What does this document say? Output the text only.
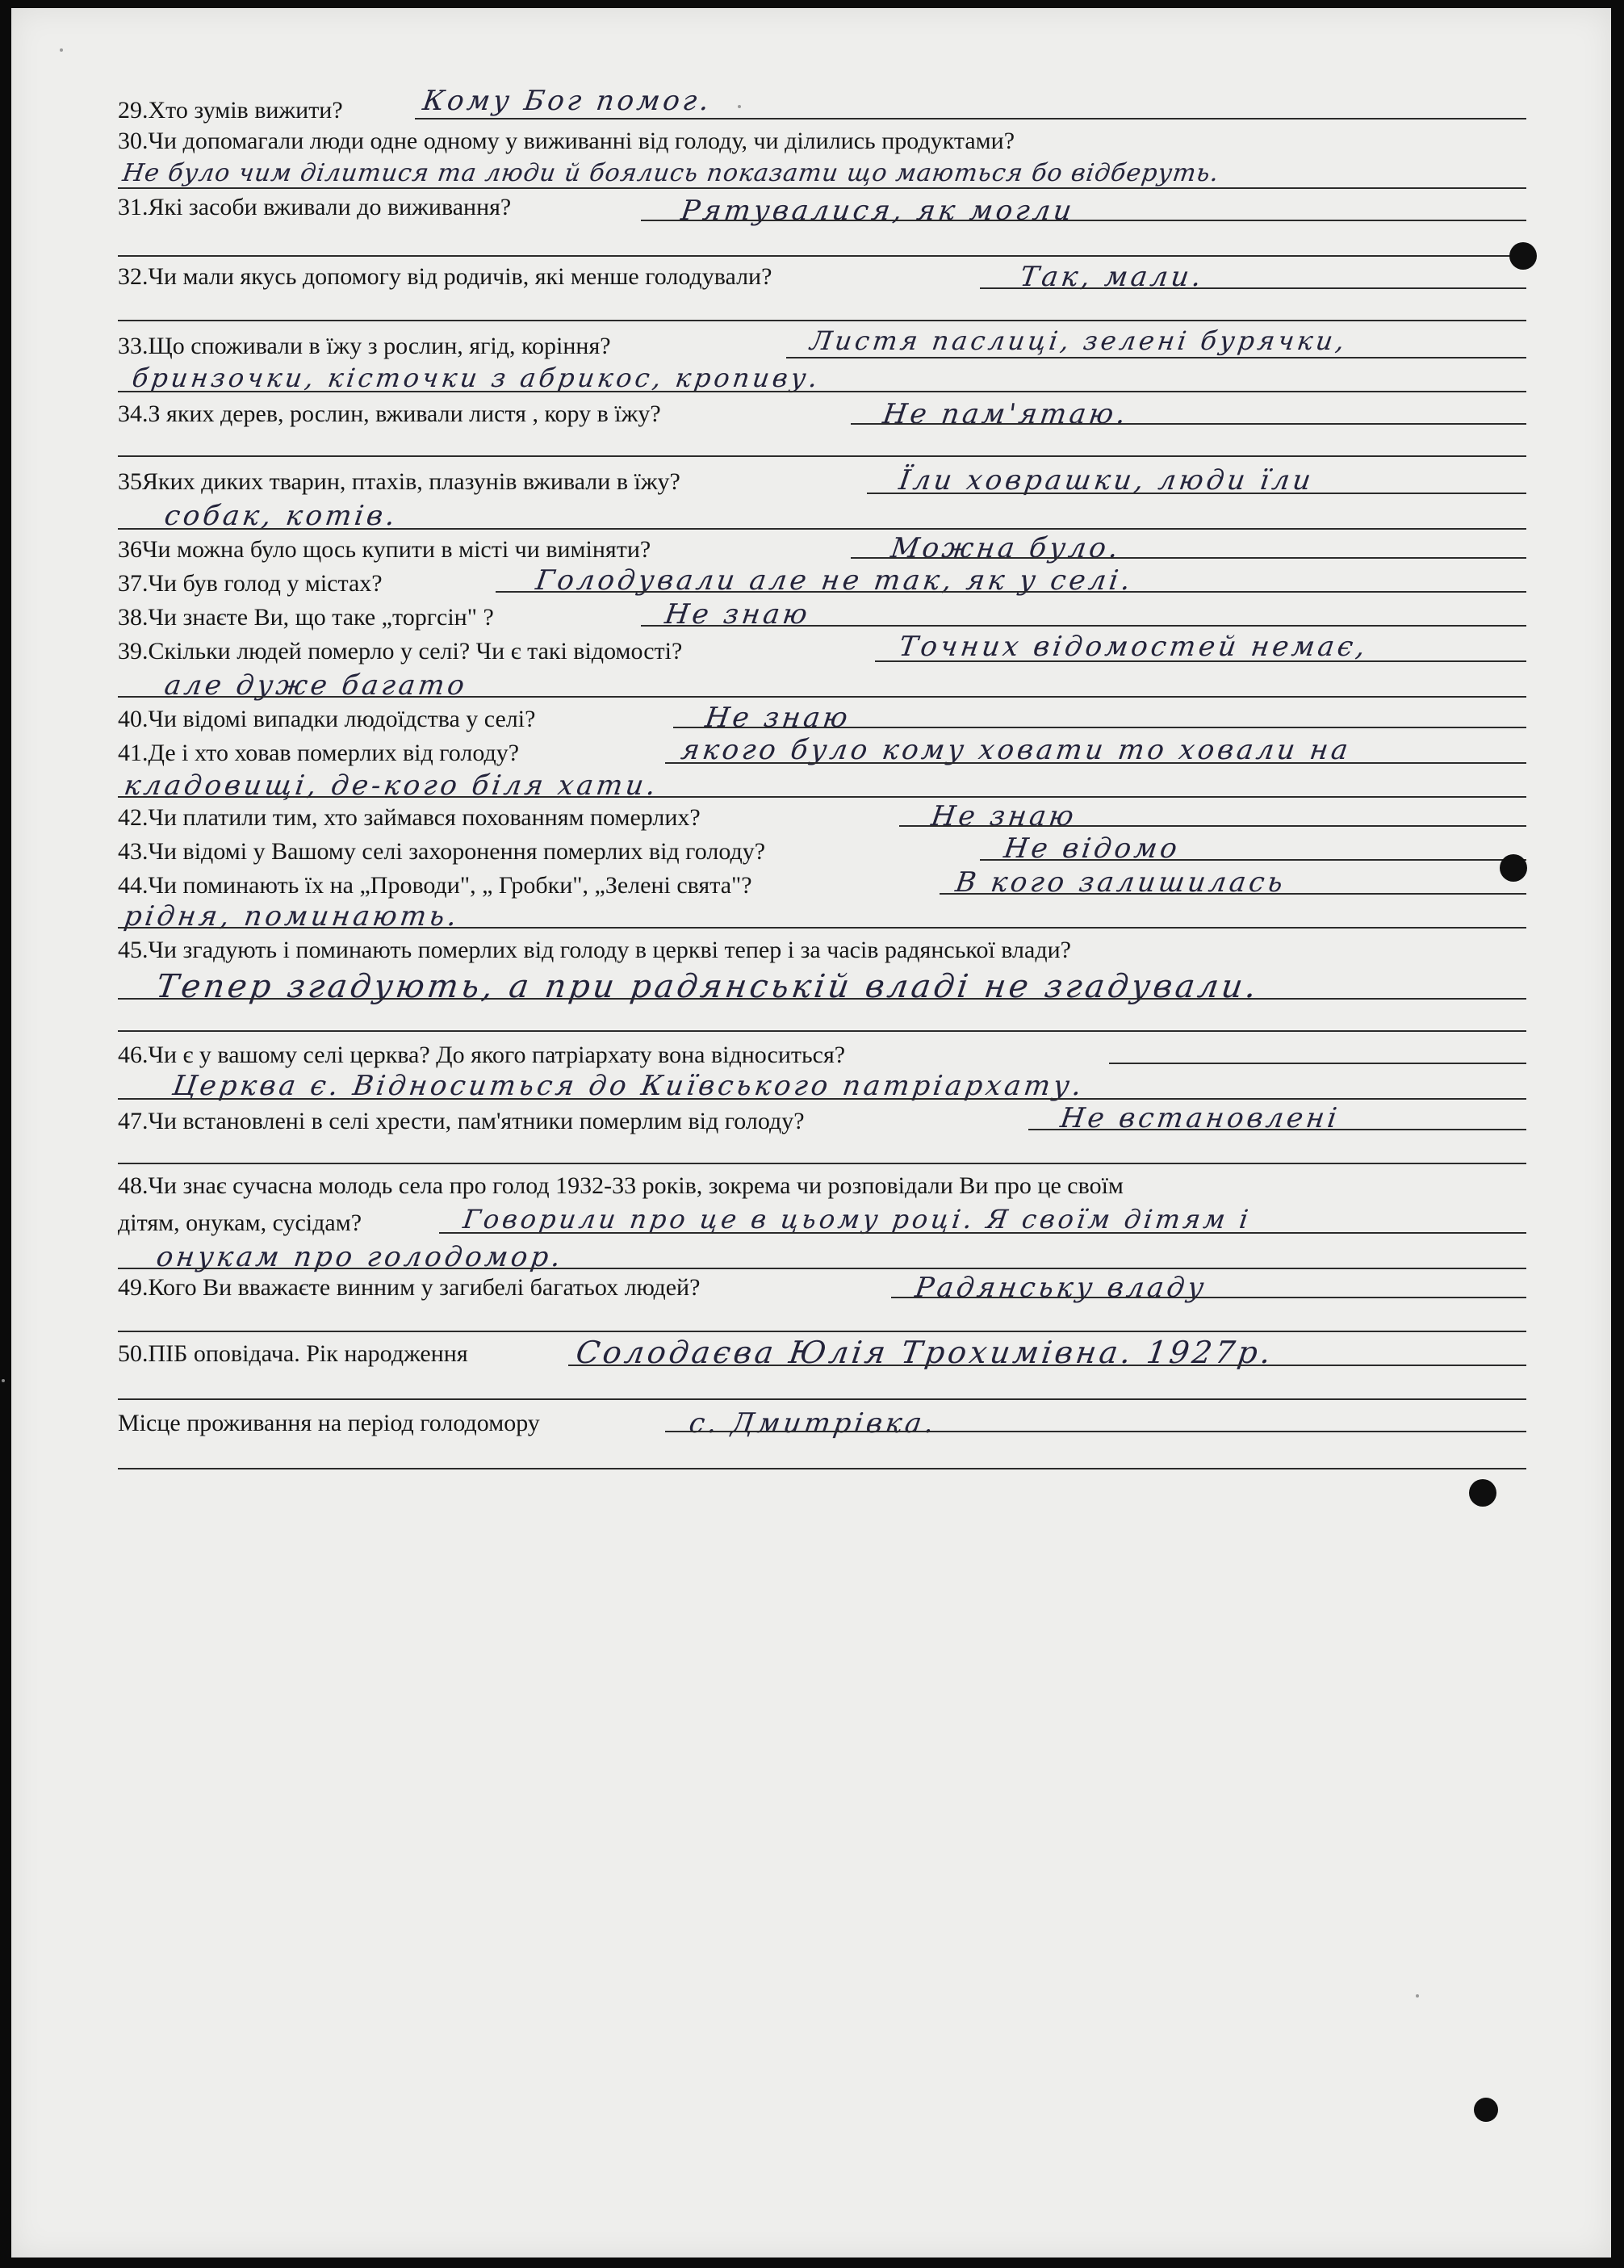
29.Хто зумів вижити?	Кому Бог помог.
30.Чи допомагали люди одне одному у виживанні від голоду, чи ділились продуктами?
Не було чим ділитися та люди й боялись показати що маються бо відберуть.
31.Які засоби вживали до виживання?	Рятувалися, як могли
32.Чи мали якусь допомогу від родичів, які менше голодували?	Так, мали.
33.Що споживали в їжу з рослин, ягід, коріння?	Листя паслиці, зелені бурячки,
бринзочки, кісточки з абрикос, кропиву.
34.З яких дерев, рослин, вживали листя , кору в їжу?	Не пам'ятаю.
35Яких диких тварин, птахів, плазунів вживали в їжу?	Їли ховрашки, люди їли
собак, котів.
36Чи можна було щось купити в місті чи виміняти?	Можна було.
37.Чи був голод у містах?	Голодували але не так, як у селі.
38.Чи знаєте Ви, що таке „торгсін" ?	Не знаю
39.Скільки людей померло у селі? Чи є такі відомості?	Точних відомостей немає,
але дуже багато
40.Чи відомі випадки людоїдства у селі?	Не знаю
41.Де і хто ховав померлих від голоду?	якого було кому ховати то ховали на
кладовищі, де-кого біля хати.
42.Чи платили тим, хто займався похованням померлих?	Не знаю
43.Чи відомі у Вашому селі захоронення померлих від голоду?	Не відомо
44.Чи поминають їх на „Проводи", „ Гробки", „Зелені свята"?	В кого залишилась
рідня, поминають.
45.Чи згадують і поминають померлих від голоду в церкві тепер і за часів радянської влади?
Тепер згадують, а при радянській владі не згадували.
46.Чи є у вашому селі церква? До якого патріархату вона відноситься?
Церква є. Відноситься до Київського патріархату.
47.Чи встановлені в селі хрести, пам'ятники померлим від голоду?	Не встановлені
48.Чи знає сучасна молодь села про голод 1932-33 років, зокрема чи розповідали Ви про це своїм
дітям, онукам, сусідам?	Говорили про це в цьому році. Я своїм дітям і
онукам про голодомор.
49.Кого Ви вважаєте винним у загибелі багатьох людей?	Радянську владу
50.ПІБ оповідача. Рік народження	Солодаєва Юлія Трохимівна. 1927р.
Місце проживання на період голодомору	с. Дмитрівка.
